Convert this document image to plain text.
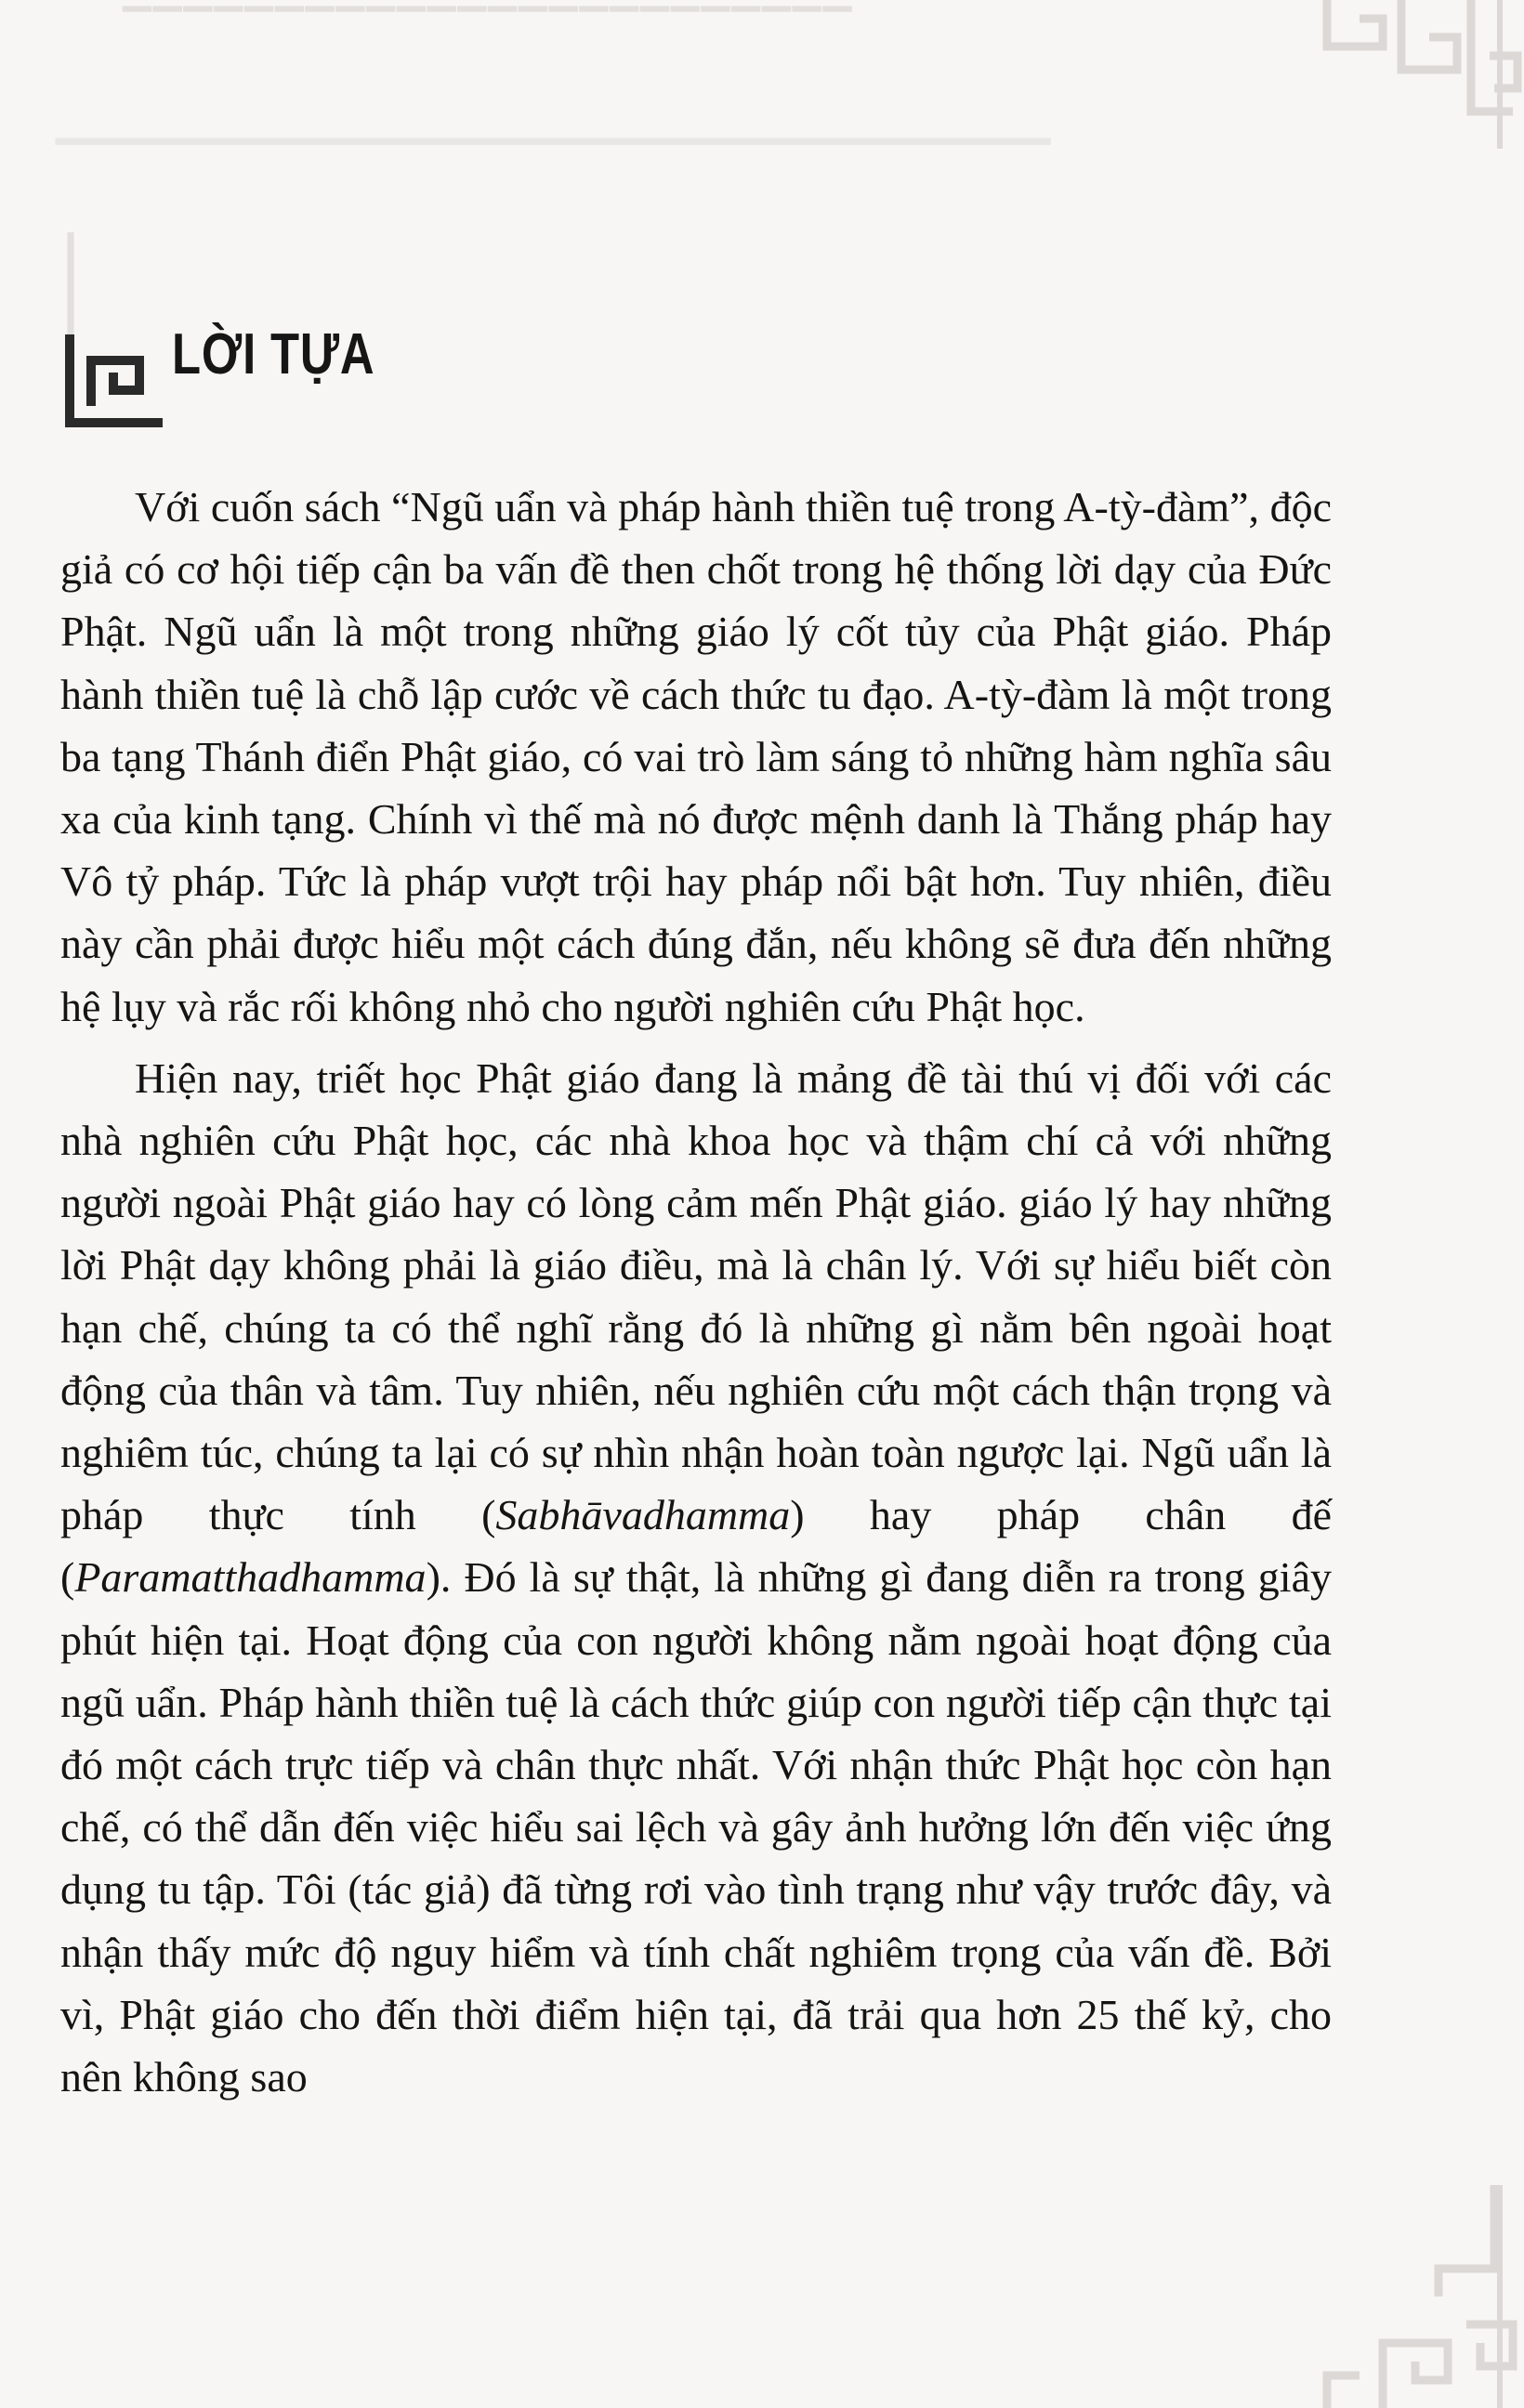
▔▔▔▔▔▔▔▔▔▔▔▔▔▔▔▔▔▔▔▔▔▔▔▔
▁▁▁▁▁▁▁▁▁▁▁▁▁▁▁▁▁▁▁▁▁▁▁▁▁▁▁▁▁
LỜI TỰA

Với cuốn sách “Ngũ uẩn và pháp hành thiền tuệ trong A-tỳ-đàm”, độc giả có cơ hội tiếp cận ba vấn đề then chốt trong hệ thống lời dạy của Đức Phật. Ngũ uẩn là một trong những giáo lý cốt tủy của Phật giáo. Pháp hành thiền tuệ là chỗ lập cước về cách thức tu đạo. A-tỳ-đàm là một trong ba tạng Thánh điển Phật giáo, có vai trò làm sáng tỏ những hàm nghĩa sâu xa của kinh tạng. Chính vì thế mà nó được mệnh danh là Thắng pháp hay Vô tỷ pháp. Tức là pháp vượt trội hay pháp nổi bật hơn. Tuy nhiên, điều này cần phải được hiểu một cách đúng đắn, nếu không sẽ đưa đến những hệ lụy và rắc rối không nhỏ cho người nghiên cứu Phật học.

Hiện nay, triết học Phật giáo đang là mảng đề tài thú vị đối với các nhà nghiên cứu Phật học, các nhà khoa học và thậm chí cả với những người ngoài Phật giáo hay có lòng cảm mến Phật giáo. giáo lý hay những lời Phật dạy không phải là giáo điều, mà là chân lý. Với sự hiểu biết còn hạn chế, chúng ta có thể nghĩ rằng đó là những gì nằm bên ngoài hoạt động của thân và tâm. Tuy nhiên, nếu nghiên cứu một cách thận trọng và nghiêm túc, chúng ta lại có sự nhìn nhận hoàn toàn ngược lại. Ngũ uẩn là pháp thực tính (Sabhāvadhamma) hay pháp chân đế (Paramatthadhamma). Đó là sự thật, là những gì đang diễn ra trong giây phút hiện tại. Hoạt động của con người không nằm ngoài hoạt động của ngũ uẩn. Pháp hành thiền tuệ là cách thức giúp con người tiếp cận thực tại đó một cách trực tiếp và chân thực nhất. Với nhận thức Phật học còn hạn chế, có thể dẫn đến việc hiểu sai lệch và gây ảnh hưởng lớn đến việc ứng dụng tu tập. Tôi (tác giả) đã từng rơi vào tình trạng như vậy trước đây, và nhận thấy mức độ nguy hiểm và tính chất nghiêm trọng của vấn đề. Bởi vì, Phật giáo cho đến thời điểm hiện tại, đã trải qua hơn 25 thế kỷ, cho nên không sao
